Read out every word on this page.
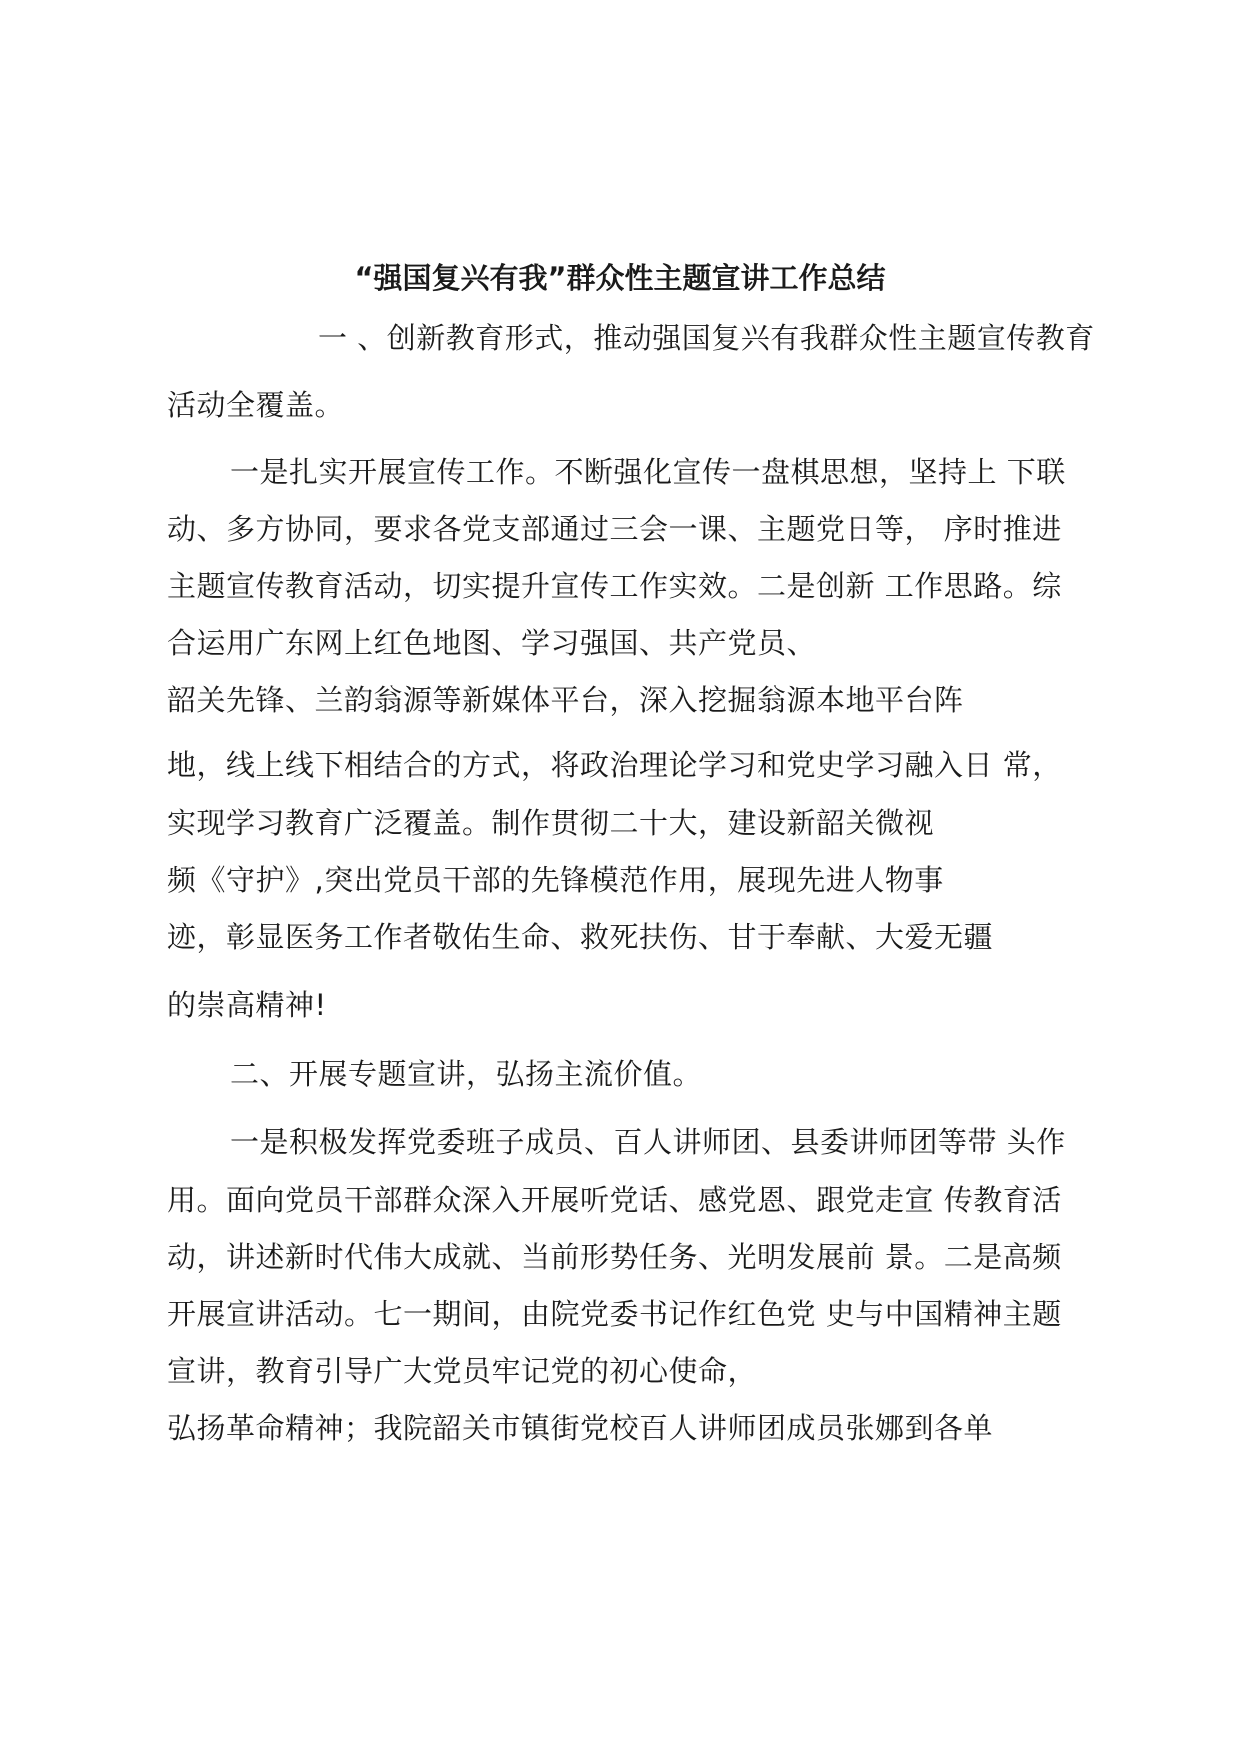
“强国复兴有我”群众性主题宣讲工作总结
一 、创新教育形式，推动强国复兴有我群众性主题宣传教育
活动全覆盖。
一是扎实开展宣传工作。不断强化宣传一盘棋思想，坚持上 下联
动、多方协同，要求各党支部通过三会一课、主题党日等， 序时推进
主题宣传教育活动，切实提升宣传工作实效。二是创新 工作思路。综
合运用广东网上红色地图、学习强国、共产党员、
韶关先锋、兰韵翁源等新媒体平台，深入挖掘翁源本地平台阵
地，线上线下相结合的方式，将政治理论学习和党史学习融入日 常，
实现学习教育广泛覆盖。制作贯彻二十大，建设新韶关微视
频《守护》,突出党员干部的先锋模范作用，展现先进人物事
迹，彰显医务工作者敬佑生命、救死扶伤、甘于奉献、大爱无疆
的崇高精神!
二、开展专题宣讲，弘扬主流价值。
一是积极发挥党委班子成员、百人讲师团、县委讲师团等带 头作
用。面向党员干部群众深入开展听党话、感党恩、跟党走宣 传教育活
动，讲述新时代伟大成就、当前形势任务、光明发展前 景。二是高频
开展宣讲活动。七一期间，由院党委书记作红色党 史与中国精神主题
宣讲，教育引导广大党员牢记党的初心使命，
弘扬革命精神；我院韶关市镇街党校百人讲师团成员张娜到各单
